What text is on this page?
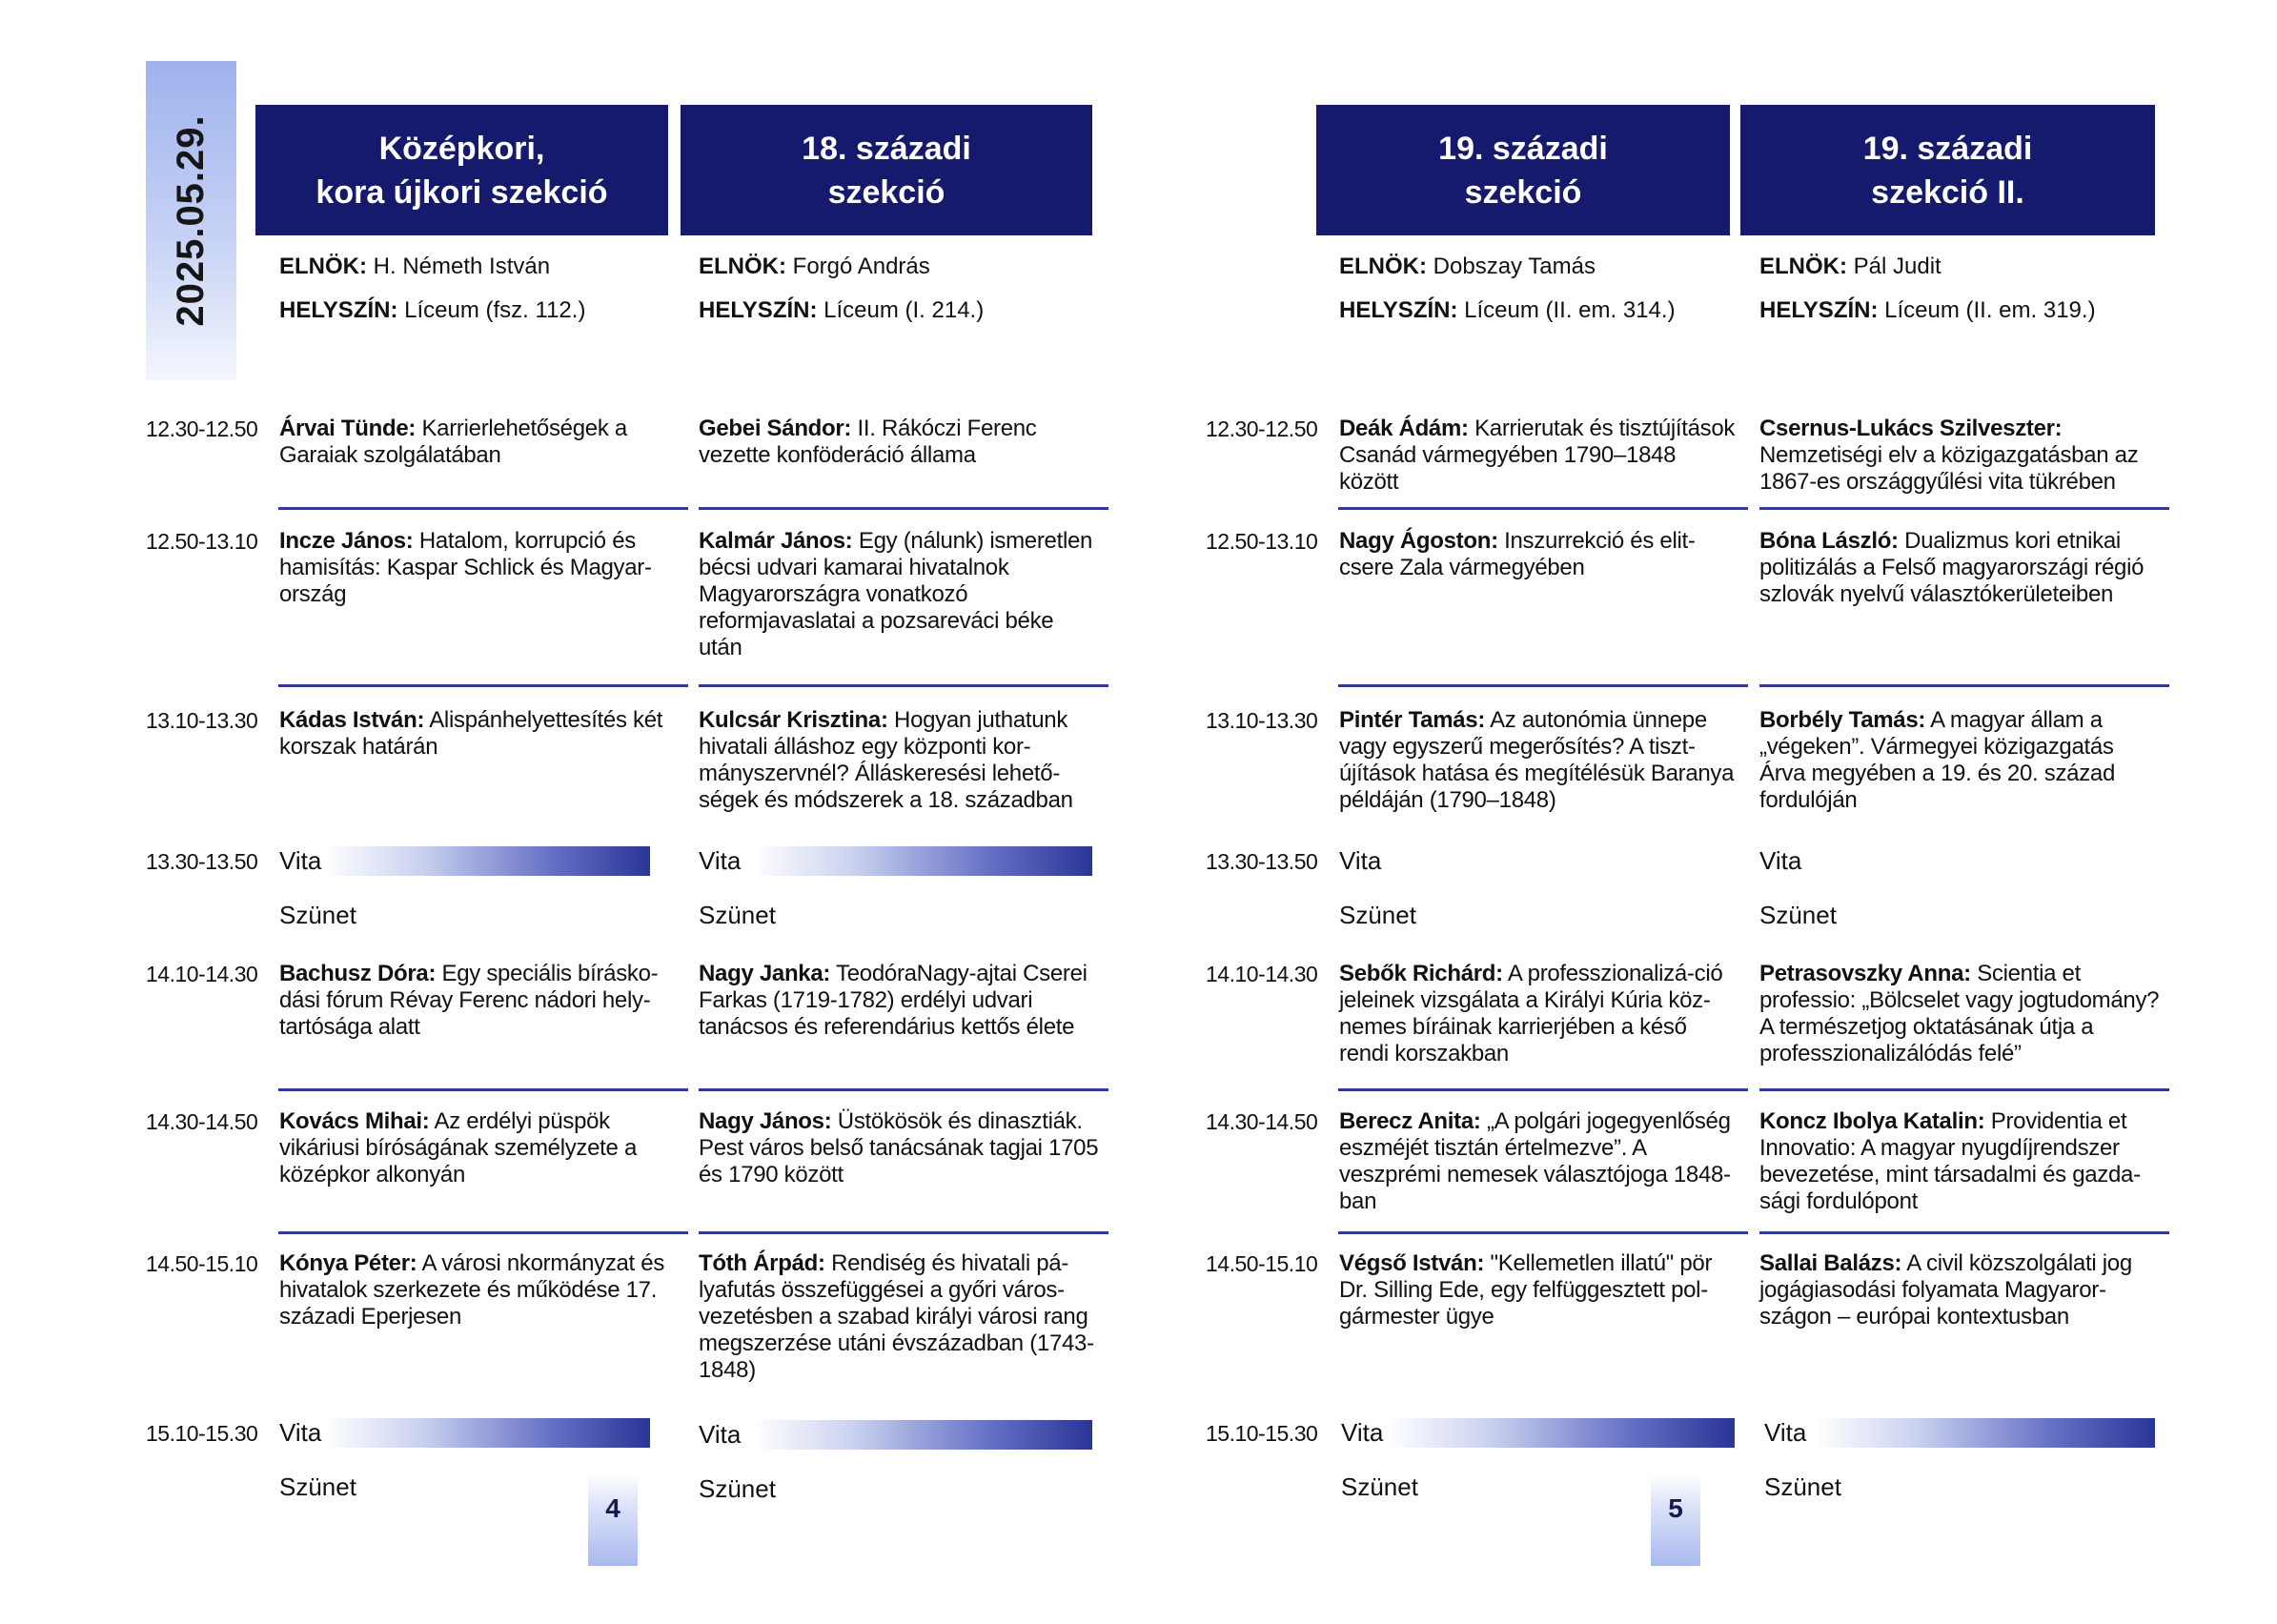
2025.05.29.	Középkori,
kora újkori szekció
18. századi
szekció
19. századi
szekció
19. századi
szekció II.
ELNÖK: H. Németh István
HELYSZÍN: Líceum (fsz. 112.)
ELNÖK: Forgó András
HELYSZÍN: Líceum (I. 214.)
ELNÖK: Dobszay Tamás
HELYSZÍN: Líceum (II. em. 314.)
ELNÖK: Pál Judit
HELYSZÍN: Líceum (II. em. 319.)
12.30-12.50
12.50-13.10
13.10-13.30
13.30-13.50
14.10-14.30
14.30-14.50
14.50-15.10
15.10-15.30
Árvai Tünde: Karrierlehetőségek a Garaiak szolgálatában
Incze János: Hatalom, korrupció és hamisítás: Kaspar Schlick és Magyarország
Kádas István: Alispánhelyettesítés két korszak határán
Vita
Szünet
Bachusz Dóra: Egy speciális bíráskodási fórum Révay Ferenc nádori helytartósága alatt
Kovács Mihai: Az erdélyi püspök vikáriusi bíróságának személyzete a középkor alkonyán
Kónya Péter: A városi nkormányzat és hivatalok szerkezete és működése 17. századi Eperjesen
Vita
Szünet
Gebei Sándor: II. Rákóczi Ferenc vezette konföderáció állama
Kalmár János: Egy (nálunk) ismeretlen bécsi udvari kamarai hivatalnok Magyarországra vonatkozó reformjavaslatai a pozsareváci béke után
Kulcsár Krisztina: Hogyan juthatunk hivatali álláshoz egy központi kormányszervnél? Álláskeresési lehetőségek és módszerek a 18. században
Vita
Szünet
Nagy Janka: TeodóraNagy-ajtai Cserei Farkas (1719-1782) erdélyi udvari tanácsos és referendárius kettős élete
Nagy János: Üstökösök és dinasztiák. Pest város belső tanácsának tagjai 1705 és 1790 között
Tóth Árpád: Rendiség és hivatali pályafutás összefüggései a győri városvezetésben a szabad királyi városi rang megszerzése utáni évszázadban (1743-1848)
Vita
Szünet
4
12.30-12.50
12.50-13.10
13.10-13.30
13.30-13.50
14.10-14.30
14.30-14.50
14.50-15.10
15.10-15.30
Deák Ádám: Karrierutak és tisztújítások Csanád vármegyében 1790–1848 között
Nagy Ágoston: Inszurrekció és elitcsere Zala vármegyében
Pintér Tamás: Az autonómia ünnepe vagy egyszerű megerősítés? A tisztújítások hatása és megítélésük Baranya példáján (1790–1848)
Vita
Szünet
Sebők Richárd: A professzionalizá-ció jeleinek vizsgálata a Királyi Kúria köznemes bíráinak karrierjében a késő rendi korszakban
Berecz Anita: „A polgári jogegyenlőség eszméjét tisztán értelmezve”. A veszprémi nemesek választójoga 1848-ban
Végső István: "Kellemetlen illatú" pör Dr. Silling Ede, egy felfüggesztett polgármester ügye
Vita
Szünet
Csernus-Lukács Szilveszter: Nemzetiségi elv a közigazgatásban az 1867-es országgyűlési vita tükrében
Bóna László: Dualizmus kori etnikai politizálás a Felső magyarországi régió szlovák nyelvű választókerületeiben
Borbély Tamás: A magyar állam a „végeken”. Vármegyei közigazgatás Árva megyében a 19. és 20. század fordulóján
Vita
Szünet
Petrasovszky Anna: Scientia et professio: „Bölcselet vagy jogtudomány? A természetjog oktatásának útja a professzionalizálódás felé”
Koncz Ibolya Katalin: Providentia et Innovatio: A magyar nyugdíjrendszer bevezetése, mint társadalmi és gazdasági fordulópont
Sallai Balázs: A civil közszolgálati jog jogágiasodási folyamata Magyarországon – európai kontextusban
Vita
Szünet
5
